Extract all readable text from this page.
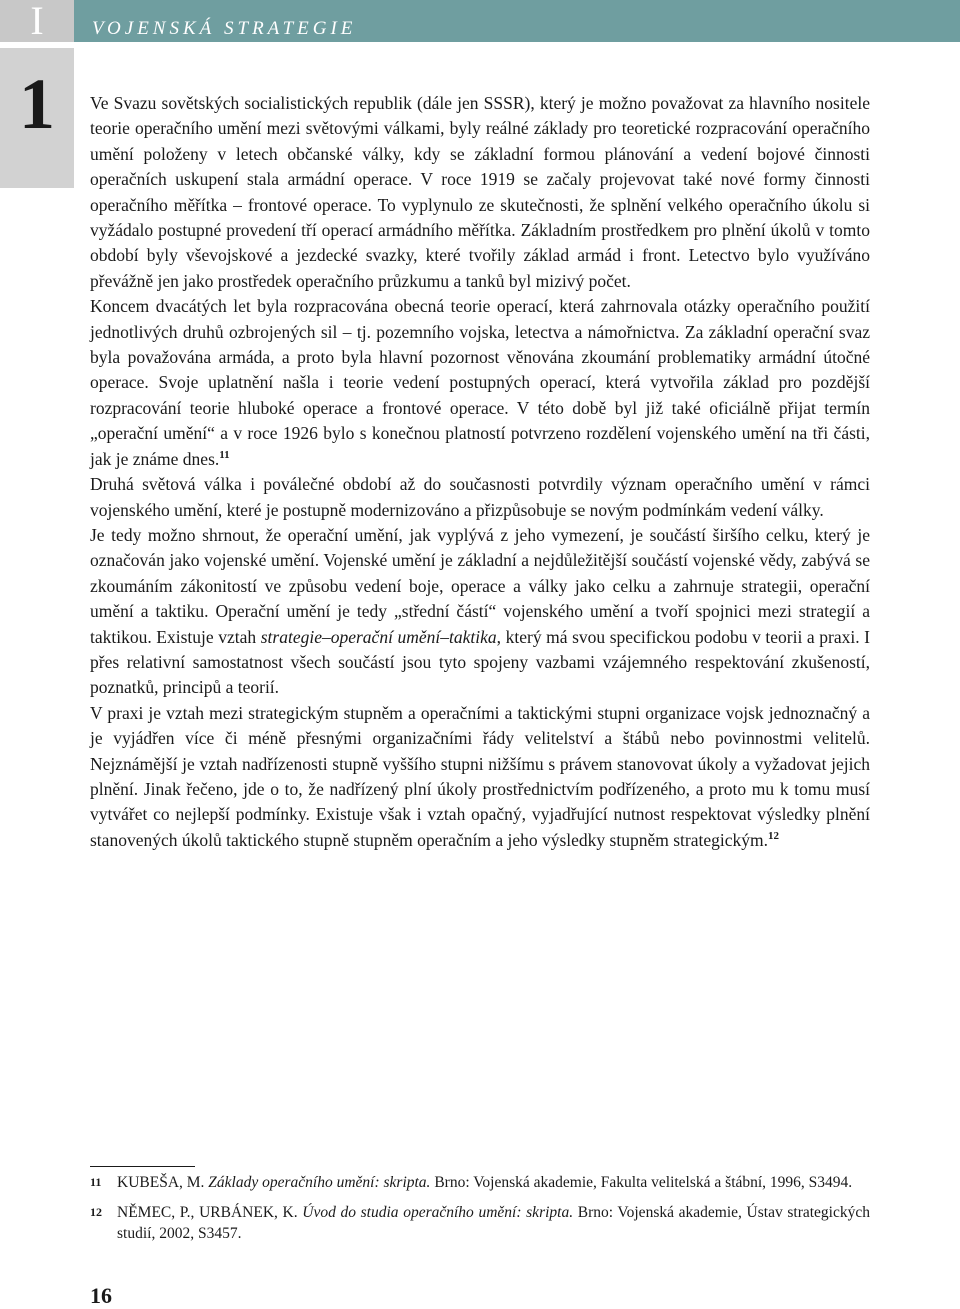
I	VOJENSKÁ STRATEGIE
1	Ve Svazu sovětských socialistických republik (dále jen SSSR), který je možno považovat za hlavního nositele teorie operačního umění mezi světovými válkami, byly reálné základy pro teoretické rozpracování operačního umění položeny v letech občanské války, kdy se základní formou plánování a vedení bojové činnosti operačních uskupení stala armádní operace. V roce 1919 se začaly projevovat také nové formy činnosti operačního měřítka – frontové operace. To vyplynulo ze skutečnosti, že splnění velkého operačního úkolu si vyžádalo postupné provedení tří operací armádního měřítka. Základním prostředkem pro plnění úkolů v tomto období byly vševojskové a jezdecké svazky, které tvořily základ armád i front. Letectvo bylo využíváno převážně jen jako prostředek operačního průzkumu a tanků byl mizivý počet.

Koncem dvacátých let byla rozpracována obecná teorie operací, která zahrnovala otázky operačního použití jednotlivých druhů ozbrojených sil – tj. pozemního vojska, letectva a námořnictva. Za základní operační svaz byla považována armáda, a proto byla hlavní pozornost věnována zkoumání problematiky armádní útočné operace. Svoje uplatnění našla i teorie vedení postupných operací, která vytvořila základ pro pozdější rozpracování teorie hluboké operace a frontové operace. V této době byl již také oficiálně přijat termín „operační umění“ a v roce 1926 bylo s konečnou platností potvrzeno rozdělení vojenského umění na tři části, jak je známe dnes.$^{11}$

Druhá světová válka i poválečné období až do současnosti potvrdily význam operačního umění v rámci vojenského umění, které je postupně modernizováno a přizpůsobuje se novým podmínkám vedení války.

Je tedy možno shrnout, že operační umění, jak vyplývá z jeho vymezení, je součástí širšího celku, který je označován jako vojenské umění. Vojenské umění je základní a nejdůležitější součástí vojenské vědy, zabývá se zkoumáním zákonitostí ve způsobu vedení boje, operace a války jako celku a zahrnuje strategii, operační umění a taktiku. Operační umění je tedy „střední částí“ vojenského umění a tvoří spojnici mezi strategií a taktikou. Existuje vztah strategie–operační umění–taktika, který má svou specifickou podobu v teorii a praxi. I přes relativní samostatnost všech součástí jsou tyto spojeny vazbami vzájemného respektování zkušeností, poznatků, principů a teorií.

V praxi je vztah mezi strategickým stupněm a operačními a taktickými stupni organizace vojsk jednoznačný a je vyjádřen více či méně přesnými organizačními řády velitelství a štábů nebo povinnostmi velitelů. Nejznámější je vztah nadřízenosti stupně vyššího stupni nižšímu s právem stanovovat úkoly a vyžadovat jejich plnění. Jinak řečeno, jde o to, že nadřízený plní úkoly prostřednictvím podřízeného, a proto mu k tomu musí vytvářet co nejlepší podmínky. Existuje však i vztah opačný, vyjadřující nutnost respektovat výsledky plnění stanovených úkolů taktického stupně stupněm operačním a jeho výsledky stupněm strategickým.$^{12}$

11 KUBEŠA, M. Základy operačního umění: skripta. Brno: Vojenská akademie, Fakulta velitelská a štábní, 1996, S3494.
12 NĚMEC, P., URBÁNEK, K. Úvod do studia operačního umění: skripta. Brno: Vojenská akademie, Ústav strategických studií, 2002, S3457.
16
